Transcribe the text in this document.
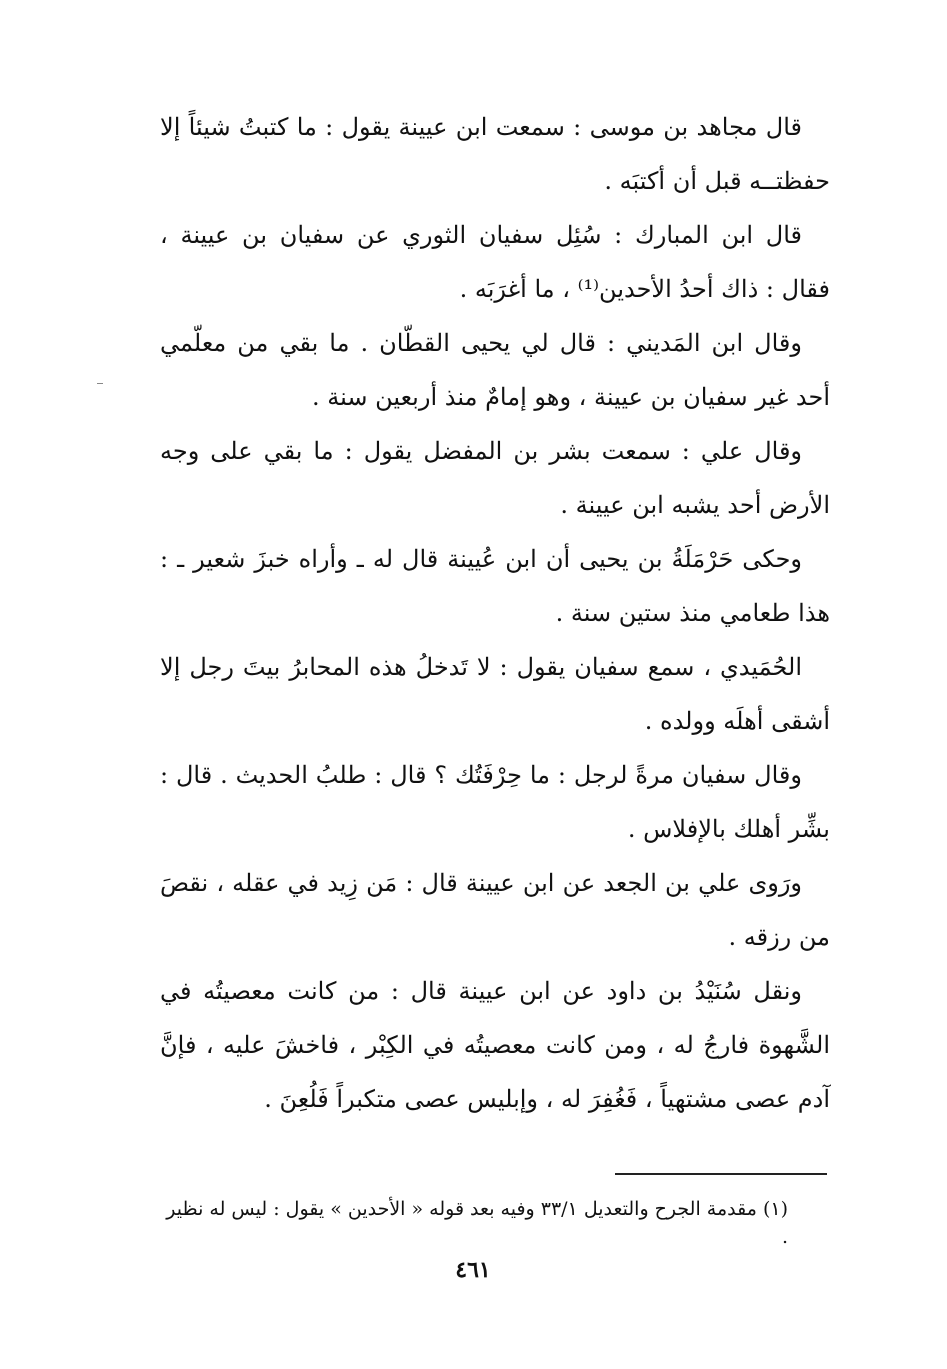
قال مجاهد بن موسى : سمعت ابن عيينة يقول : ما كتبتُ شيئاً إلا حفظتــه قبل أن أكتبَه .

قال ابن المبارك : سُئِل سفيان الثوري عن سفيان بن عيينة ، فقال : ذاك أحدُ الأحدين⁽¹⁾ ، ما أغرَبَه .

وقال ابن المَديني : قال لي يحيى القطّان . ما بقي من معلّمي أحد غير سفيان بن عيينة ، وهو إمامٌ منذ أربعين سنة .

وقال علي : سمعت بشر بن المفضل يقول : ما بقي على وجه الأرض أحد يشبه ابن عيينة .

وحكى حَرْمَلَةُ بن يحيى أن ابن عُيينة قال له ـ وأراه خبزَ شعير ـ : هذا طعامي منذ ستين سنة .

الحُمَيدي ، سمع سفيان يقول : لا تَدخلُ هذه المحابرُ بيتَ رجل إلا أشقى أهلَه وولده .

وقال سفيان مرةً لرجل : ما حِرْفَتُك ؟ قال : طلبُ الحديث . قال : بشِّر أهلك بالإفلاس .

ورَوى علي بن الجعد عن ابن عيينة قال : مَن زِيد في عقله ، نقصَ من رزقه .

ونقل سُنَيْدُ بن داود عن ابن عيينة قال : من كانت معصيتُه في الشَّهوة فارجُ له ، ومن كانت معصيتُه في الكِبْر ، فاخشَ عليه ، فإنَّ آدم عصى مشتهياً ، فَغُفِرَ له ، وإبليس عصى متكبراً فَلُعِنَ .

(١) مقدمة الجرح والتعديل ٣٣/١ وفيه بعد قوله « الأحدين » يقول : ليس له نظير .
٤٦١
